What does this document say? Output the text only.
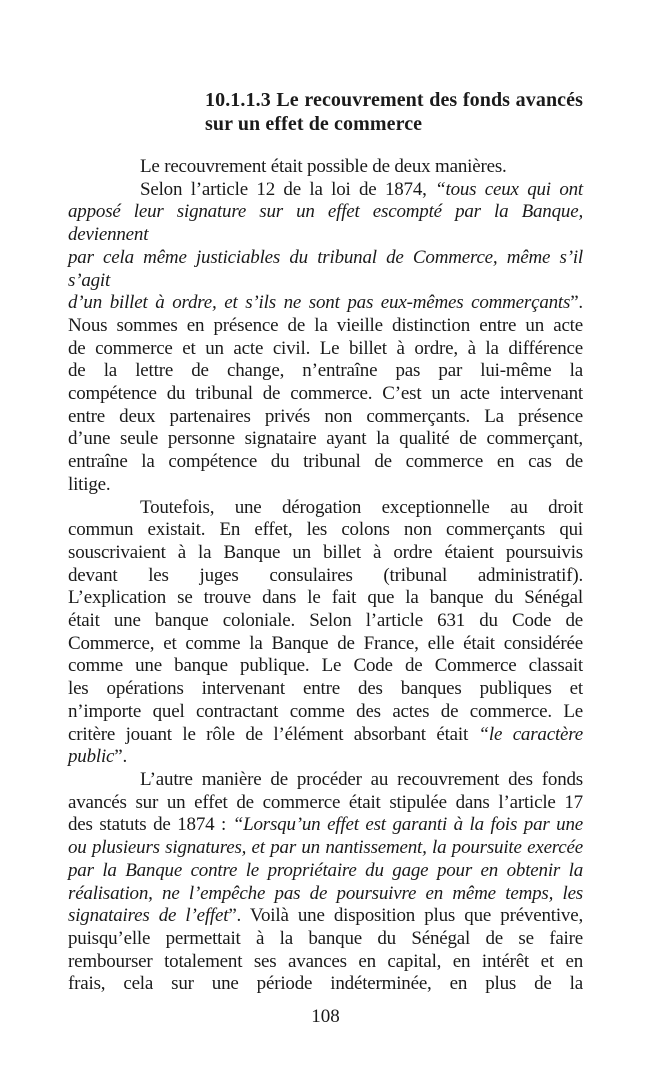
10.1.1.3 Le recouvrement des fonds avancés
sur un effet de commerce
Le recouvrement était possible de deux manières.
Selon l’article 12 de la loi de 1874, “tous ceux qui ont
apposé leur signature sur un effet escompté par la Banque, deviennent
par cela même justiciables du tribunal de Commerce, même s’il s’agit
d’un billet à ordre, et s’ils ne sont pas eux-mêmes commerçants”.
Nous sommes en présence de la vieille distinction entre un acte
de commerce et un acte civil. Le billet à ordre, à la différence
de la lettre de change, n’entraîne pas par lui-même la
compétence du tribunal de commerce. C’est un acte intervenant
entre deux partenaires privés non commerçants. La présence
d’une seule personne signataire ayant la qualité de commerçant,
entraîne la compétence du tribunal de commerce en cas de
litige.
Toutefois, une dérogation exceptionnelle au droit
commun existait. En effet, les colons non commerçants qui
souscrivaient à la Banque un billet à ordre étaient poursuivis
devant les juges consulaires (tribunal administratif).
L’explication se trouve dans le fait que la banque du Sénégal
était une banque coloniale. Selon l’article 631 du Code de
Commerce, et comme la Banque de France, elle était considérée
comme une banque publique. Le Code de Commerce classait
les opérations intervenant entre des banques publiques et
n’importe quel contractant comme des actes de commerce. Le
critère jouant le rôle de l’élément absorbant était “le caractère
public”.
L’autre manière de procéder au recouvrement des fonds
avancés sur un effet de commerce était stipulée dans l’article 17
des statuts de 1874 : “Lorsqu’un effet est garanti à la fois par une
ou plusieurs signatures, et par un nantissement, la poursuite exercée
par la Banque contre le propriétaire du gage pour en obtenir la
réalisation, ne l’empêche pas de poursuivre en même temps, les
signataires de l’effet”. Voilà une disposition plus que préventive,
puisqu’elle permettait à la banque du Sénégal de se faire
rembourser totalement ses avances en capital, en intérêt et en
frais, cela sur une période indéterminée, en plus de la
108
